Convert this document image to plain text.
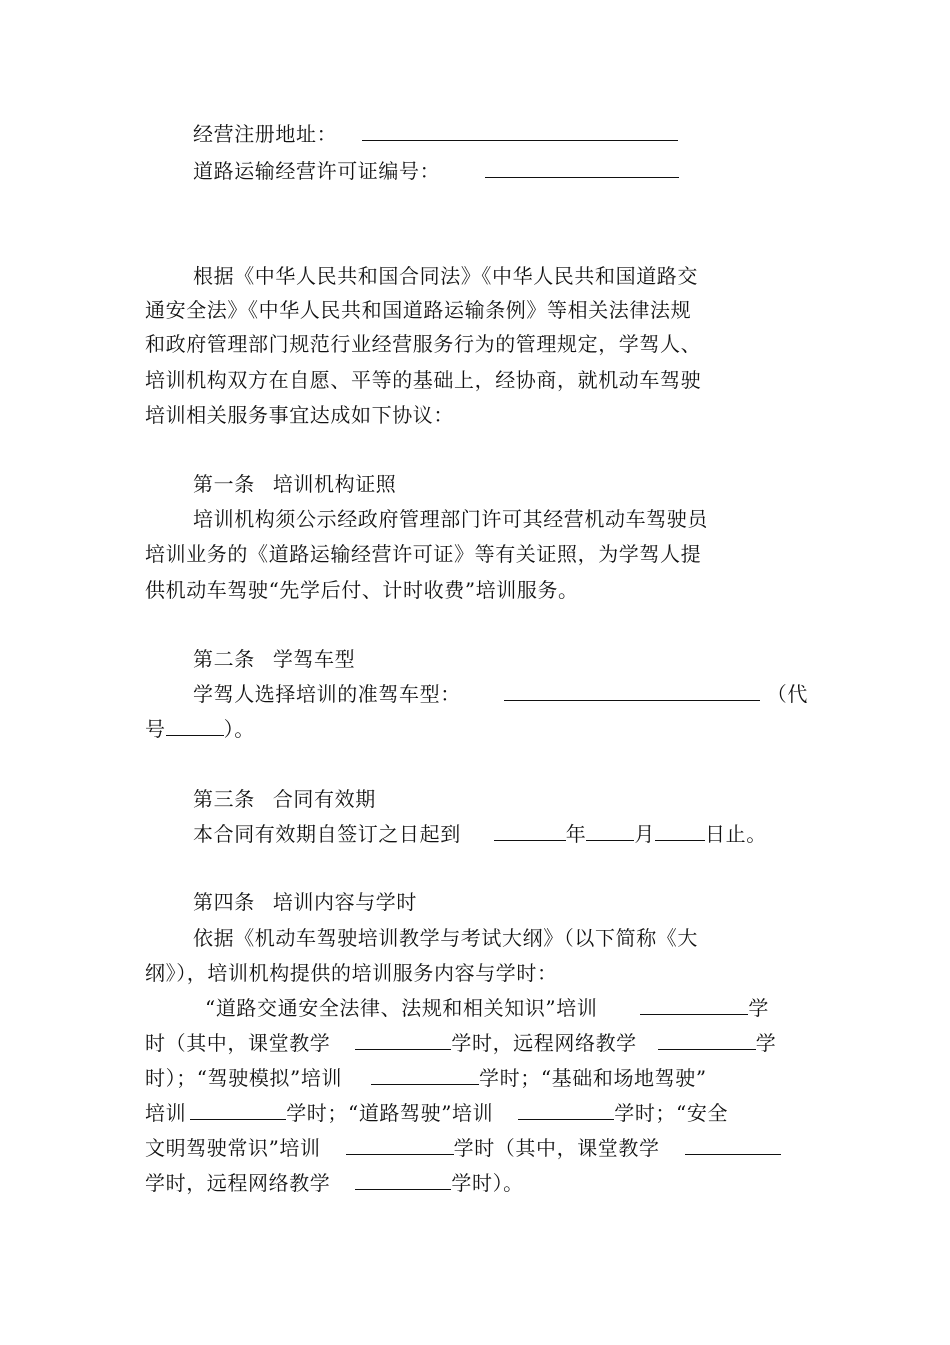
经营注册地址：
道路运输经营许可证编号：
根据《中华人民共和国合同法》《中华人民共和国道路交
通安全法》《中华人民共和国道路运输条例》等相关法律法规
和政府管理部门规范行业经营服务行为的管理规定，学驾人、
培训机构双方在自愿、平等的基础上，经协商，就机动车驾驶
培训相关服务事宜达成如下协议：
第一条 培训机构证照
培训机构须公示经政府管理部门许可其经营机动车驾驶员
培训业务的《道路运输经营许可证》等有关证照，为学驾人提
供机动车驾驶“先学后付、计时收费”培训服务。
第二条 学驾车型
学驾人选择培训的准驾车型：	（代
号	）。
第三条 合同有效期
本合同有效期自签订之日起到	年 月	日止。
第四条 培训内容与学时
依据《机动车驾驶培训教学与考试大纲》（以下简称《大
纲》），培训机构提供的培训服务内容与学时：
“道路交通安全法律、法规和相关知识”培训	学
时（其中，课堂教学	学时，远程网络教学	学
时）；“驾驶模拟”培训	学时；“基础和场地驾驶”
培训	学时；“道路驾驶”培训	学时；“安全
文明驾驶常识”培训	学时（其中，课堂教学
学时，远程网络教学	学时）。
